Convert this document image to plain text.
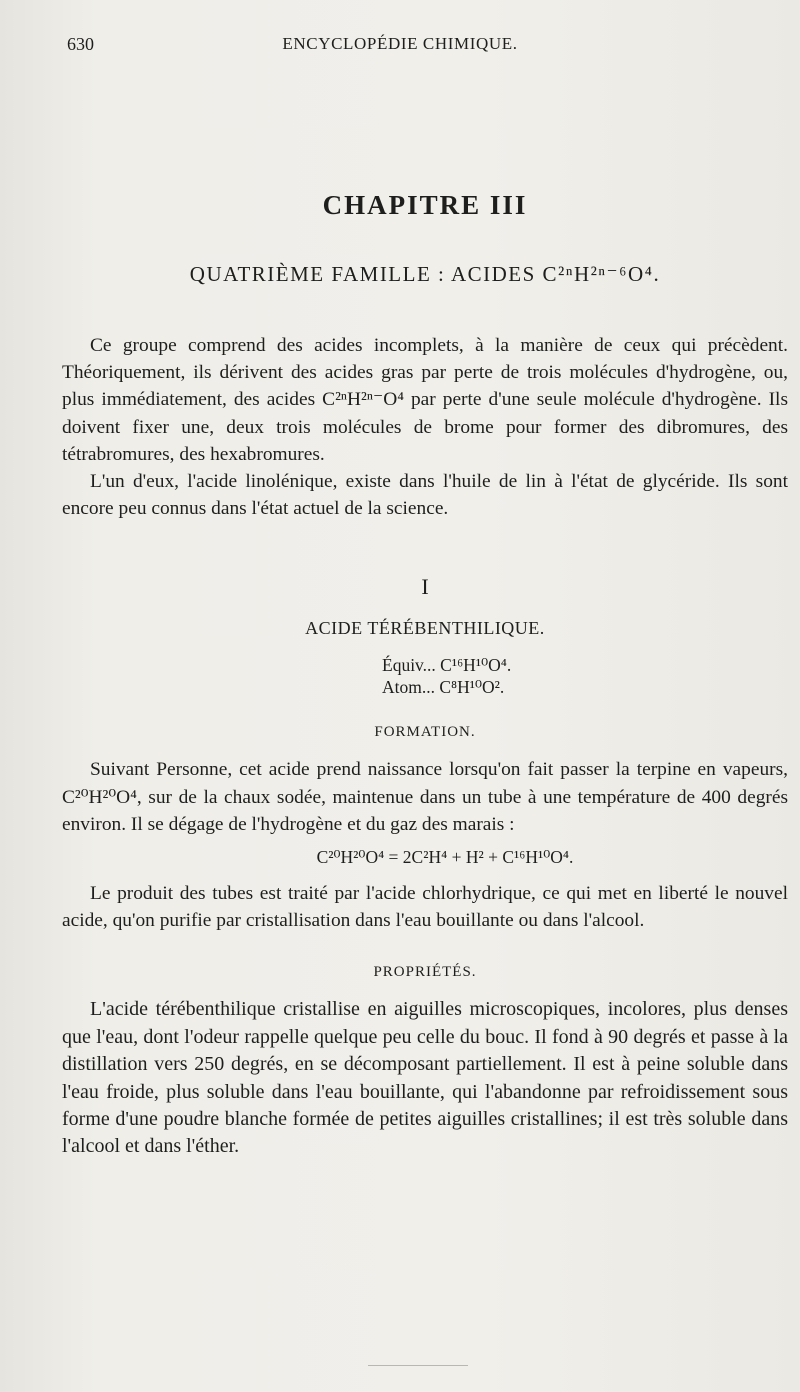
630	ENCYCLOPÉDIE CHIMIQUE.
CHAPITRE III
QUATRIÈME FAMILLE : ACIDES C²ⁿH²ⁿ⁻⁶O⁴.

Ce groupe comprend des acides incomplets, à la manière de ceux qui précèdent. Théoriquement, ils dérivent des acides gras par perte de trois molécules d'hydrogène, ou, plus immédiatement, des acides C²ⁿH²ⁿ⁻O⁴ par perte d'une seule molécule d'hydrogène. Ils doivent fixer une, deux trois molécules de brome pour former des dibromures, des tétrabromures, des hexabromures.

L'un d'eux, l'acide linolénique, existe dans l'huile de lin à l'état de glycéride. Ils sont encore peu connus dans l'état actuel de la science.

I
ACIDE TÉRÉBENTHILIQUE.
Équiv... C¹⁶H¹⁰O⁴.
Atom... C⁸H¹⁰O².
FORMATION.

Suivant Personne, cet acide prend naissance lorsqu'on fait passer la terpine en vapeurs, C²⁰H²⁰O⁴, sur de la chaux sodée, maintenue dans un tube à une température de 400 degrés environ. Il se dégage de l'hydrogène et du gaz des marais :

C²⁰H²⁰O⁴ = 2C²H⁴ + H² + C¹⁶H¹⁰O⁴.

Le produit des tubes est traité par l'acide chlorhydrique, ce qui met en liberté le nouvel acide, qu'on purifie par cristallisation dans l'eau bouillante ou dans l'alcool.

PROPRIÉTÉS.

L'acide térébenthilique cristallise en aiguilles microscopiques, incolores, plus denses que l'eau, dont l'odeur rappelle quelque peu celle du bouc. Il fond à 90 degrés et passe à la distillation vers 250 degrés, en se décomposant partiellement. Il est à peine soluble dans l'eau froide, plus soluble dans l'eau bouillante, qui l'abandonne par refroidissement sous forme d'une poudre blanche formée de petites aiguilles cristallines; il est très soluble dans l'alcool et dans l'éther.
